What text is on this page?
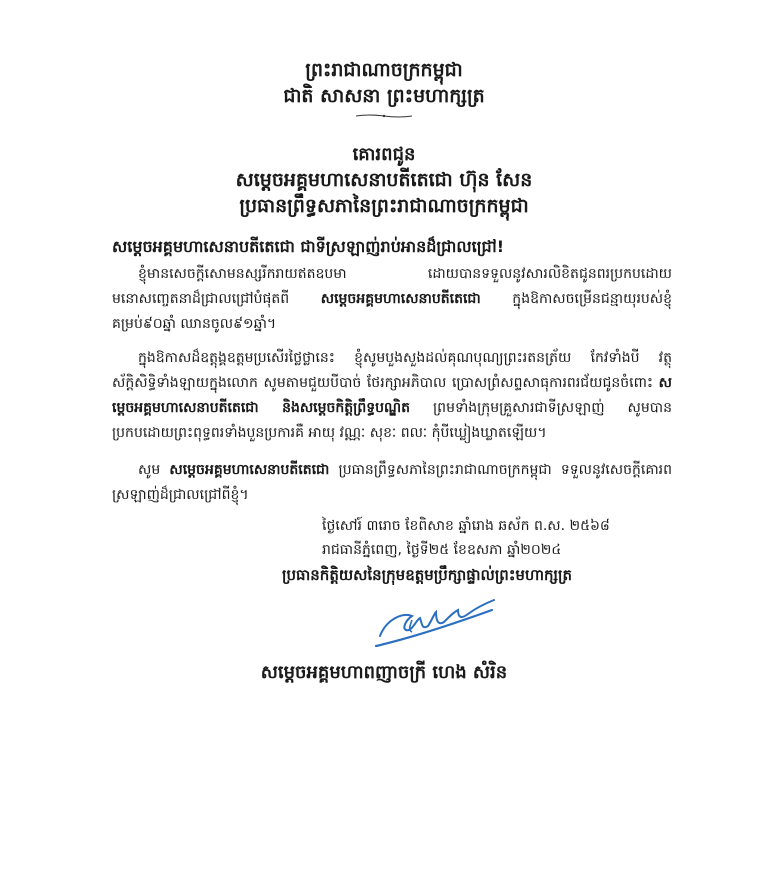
ព្រះរាជាណាចក្រកម្ពុជា
ជាតិ សាសនា ព្រះមហាក្សត្រ
គោរពជូន
សម្តេចអគ្គមហាសេនាបតីតេជោ ហ៊ុន សែន
ប្រធានព្រឹទ្ធសភានៃព្រះរាជាណាចក្រកម្ពុជា
សម្តេចអគ្គមហាសេនាបតីតេជោ ជាទីស្រឡាញ់រាប់អានដ៏ជ្រាលជ្រៅ!
ខ្ញុំមានសេចក្តីសោមនស្សរីករាយឥតឧបមា ដោយបានទទួលនូវសារលិខិតជូនពរប្រកបដោយមនោសញ្ចេតនាដ៏ជ្រាលជ្រៅបំផុតពី សម្តេចអគ្គមហាសេនាបតីតេជោ ក្នុងឱកាសចម្រើនជន្មាយុរបស់ខ្ញុំគម្រប់៩០ឆ្នាំ ឈានចូល៩១ឆ្នាំ។
ក្នុងឱកាសដ៏ឧត្តុង្គឧត្តមប្រសើរថ្លៃថ្លានេះ ខ្ញុំសូមបួងសួងដល់គុណបុណ្យព្រះរតនត្រ័យ កែវទាំងបី វត្ថុស័ក្តិសិទ្ធិទាំងឡាយក្នុងលោក សូមតាមជួយបីបាច់ ថែរក្សាអភិបាល ប្រោសព្រំសព្ទសាធុការពរជ័យជូនចំពោះ សម្តេចអគ្គមហាសេនាបតីតេជោ និងសម្តេចកិត្តិព្រឹទ្ធបណ្ឌិត ព្រមទាំងក្រុមគ្រួសារជាទីស្រឡាញ់ សូមបានប្រកបដោយព្រះពុទ្ធពរទាំងបួនប្រការគឺ អាយុ វណ្ណៈ សុខៈ ពលៈ កុំបីឃ្លៀងឃ្លាតឡើយ។
សូម សម្តេចអគ្គមហាសេនាបតីតេជោ ប្រធានព្រឹទ្ធសភានៃព្រះរាជាណាចក្រកម្ពុជា ទទួលនូវសេចក្តីគោរពស្រឡាញ់ដ៏ជ្រាលជ្រៅពីខ្ញុំ។
ថ្ងៃសៅរ៍ ៣រោច ខែពិសាខ ឆ្នាំរោង ឆស័ក ព.ស. ២៥៦៨
រាជធានីភ្នំពេញ, ថ្ងៃទី២៥ ខែឧសភា ឆ្នាំ២០២៤
ប្រធានកិត្តិយសនៃក្រុមឧត្តមប្រឹក្សាផ្ទាល់ព្រះមហាក្សត្រ
សម្តេចអគ្គមហាពញាចក្រី ហេង សំរិន
